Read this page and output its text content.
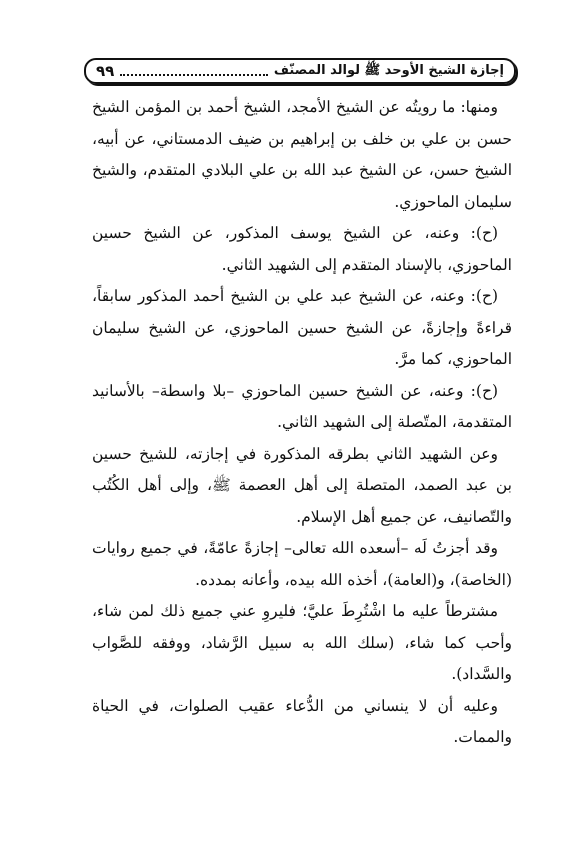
إجازة الشيخ الأوحد ﷺ لوالد المصنّف
٩٩

ومنها: ما رويتُه عن الشيخ الأمجد، الشيخ أحمد بن المؤمن الشيخ حسن بن علي بن خلف بن إبراهيم بن ضيف الدمستاني، عن أبيه، الشيخ حسن، عن الشيخ عبد الله بن علي البلادي المتقدم، والشيخ سليمان الماحوزي.

(ح): وعنه، عن الشيخ يوسف المذكور، عن الشيخ حسين الماحوزي، بالإسناد المتقدم إلى الشهيد الثاني.

(ح): وعنه، عن الشيخ عبد علي بن الشيخ أحمد المذكور سابقاً، قراءةً وإجازةً، عن الشيخ حسين الماحوزي، عن الشيخ سليمان الماحوزي، كما مرَّ.

(ح): وعنه، عن الشيخ حسين الماحوزي –بلا واسطة– بالأسانيد المتقدمة، المتّصلة إلى الشهيد الثاني.

وعن الشهيد الثاني بطرقه المذكورة في إجازته، للشيخ حسين بن عبد الصمد، المتصلة إلى أهل العصمة ﷺ، وإلى أهل الكُتُب والتّصانيف، عن جميع أهل الإسلام.

وقد أجزتُ لَه –أسعده الله تعالى– إجازةً عامّةً، في جميع روايات (الخاصة)، و(العامة)، أخذه الله بيده، وأعانه بمدده.

مشترطاً عليه ما اشْتُرِطَ عليَّ؛ فليروِ عني جميع ذلك لمن شاء، وأحب كما شاء، (سلك الله به سبيل الرَّشاد، ووفقه للصَّواب والسَّداد).

وعليه أن لا ينساني من الدُّعاء عقيب الصلوات، في الحياة والممات.
